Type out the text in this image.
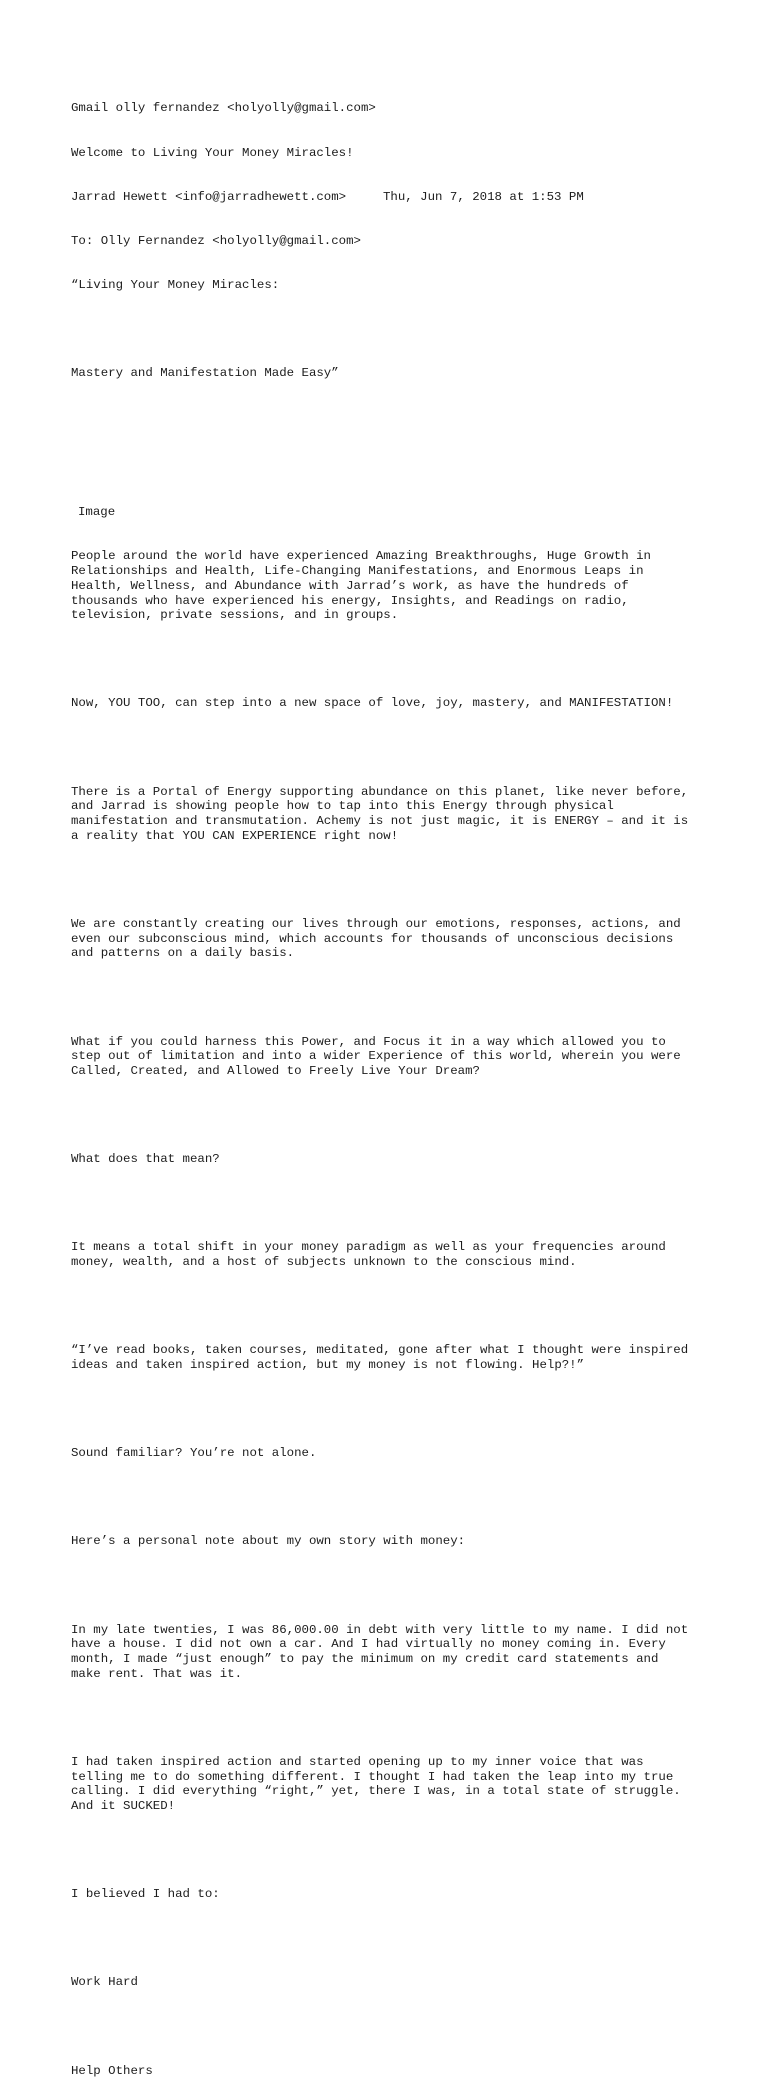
Gmail olly fernandez <holyolly@gmail.com>

Welcome to Living Your Money Miracles!

Jarrad Hewett <info@jarradhewett.com>	Thu, Jun 7, 2018 at 1:53 PM

To: Olly Fernandez <holyolly@gmail.com>

“Living Your Money Miracles:

Mastery and Manifestation Made Easy”

Image

People around the world have experienced Amazing Breakthroughs, Huge Growth in
Relationships and Health, Life-Changing Manifestations, and Enormous Leaps in
Health, Wellness, and Abundance with Jarrad’s work, as have the hundreds of
thousands who have experienced his energy, Insights, and Readings on radio,
television, private sessions, and in groups.

Now, YOU TOO, can step into a new space of love, joy, mastery, and MANIFESTATION!

There is a Portal of Energy supporting abundance on this planet, like never before,
and Jarrad is showing people how to tap into this Energy through physical
manifestation and transmutation. Achemy is not just magic, it is ENERGY – and it is
a reality that YOU CAN EXPERIENCE right now!

We are constantly creating our lives through our emotions, responses, actions, and
even our subconscious mind, which accounts for thousands of unconscious decisions
and patterns on a daily basis.

What if you could harness this Power, and Focus it in a way which allowed you to
step out of limitation and into a wider Experience of this world, wherein you were
Called, Created, and Allowed to Freely Live Your Dream?

What does that mean?

It means a total shift in your money paradigm as well as your frequencies around
money, wealth, and a host of subjects unknown to the conscious mind.

“I’ve read books, taken courses, meditated, gone after what I thought were inspired
ideas and taken inspired action, but my money is not flowing. Help?!”

Sound familiar? You’re not alone.

Here’s a personal note about my own story with money:

In my late twenties, I was 86,000.00 in debt with very little to my name. I did not
have a house. I did not own a car. And I had virtually no money coming in. Every
month, I made “just enough” to pay the minimum on my credit card statements and
make rent. That was it.

I had taken inspired action and started opening up to my inner voice that was
telling me to do something different. I thought I had taken the leap into my true
calling. I did everything “right,” yet, there I was, in a total state of struggle.
And it SUCKED!

I believed I had to:

Work Hard

Help Others
